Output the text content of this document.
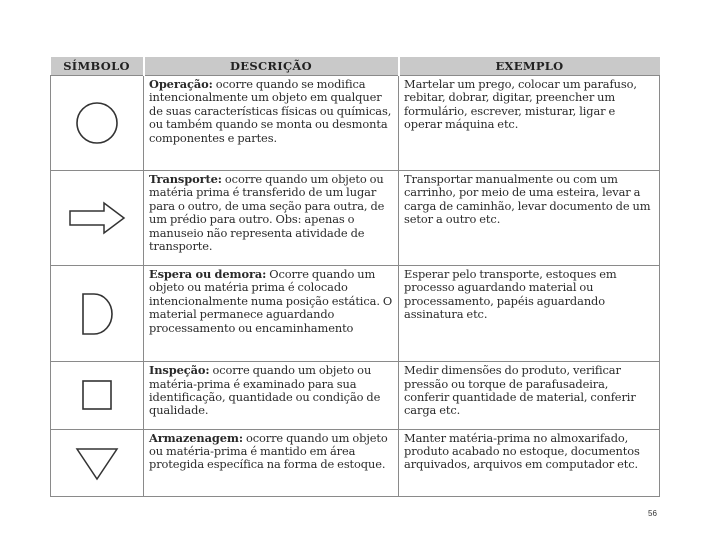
SÍMBOLO	DESCRIÇÃO	EXEMPLO

	Operação: ocorre quando se modifica intencionalmente um objeto em qualquer de suas características físicas ou químicas, ou também quando se monta ou desmonta componentes e partes.	Martelar um prego, colocar um parafuso, rebitar, dobrar, digitar, preencher um formulário, escrever, misturar, ligar e operar máquina etc.

	Transporte: ocorre quando um objeto ou matéria prima é transferido de um lugar para o outro, de uma seção para outra, de um prédio para outro. Obs: apenas o manuseio não representa atividade de transporte.	Transportar manualmente ou com um carrinho, por meio de uma esteira, levar a carga de caminhão, levar documento de um setor a outro etc.

	Espera ou demora: Ocorre quando um objeto ou matéria prima é colocado intencionalmente numa posição estática. O material permanece aguardando processamento ou encaminhamento	Esperar pelo transporte, estoques em processo aguardando material ou processamento, papéis aguardando assinatura etc.

	Inspeção: ocorre quando um objeto ou matéria-prima é examinado para sua identificação, quantidade ou condição de qualidade.	Medir dimensões do produto, verificar pressão ou torque de parafusadeira, conferir quantidade de material, conferir carga etc.

	Armazenagem: ocorre quando um objeto ou matéria-prima é mantido em área protegida específica na forma de estoque.	Manter matéria-prima no almoxarifado, produto acabado no estoque, documentos arquivados, arquivos em computador etc.
56
